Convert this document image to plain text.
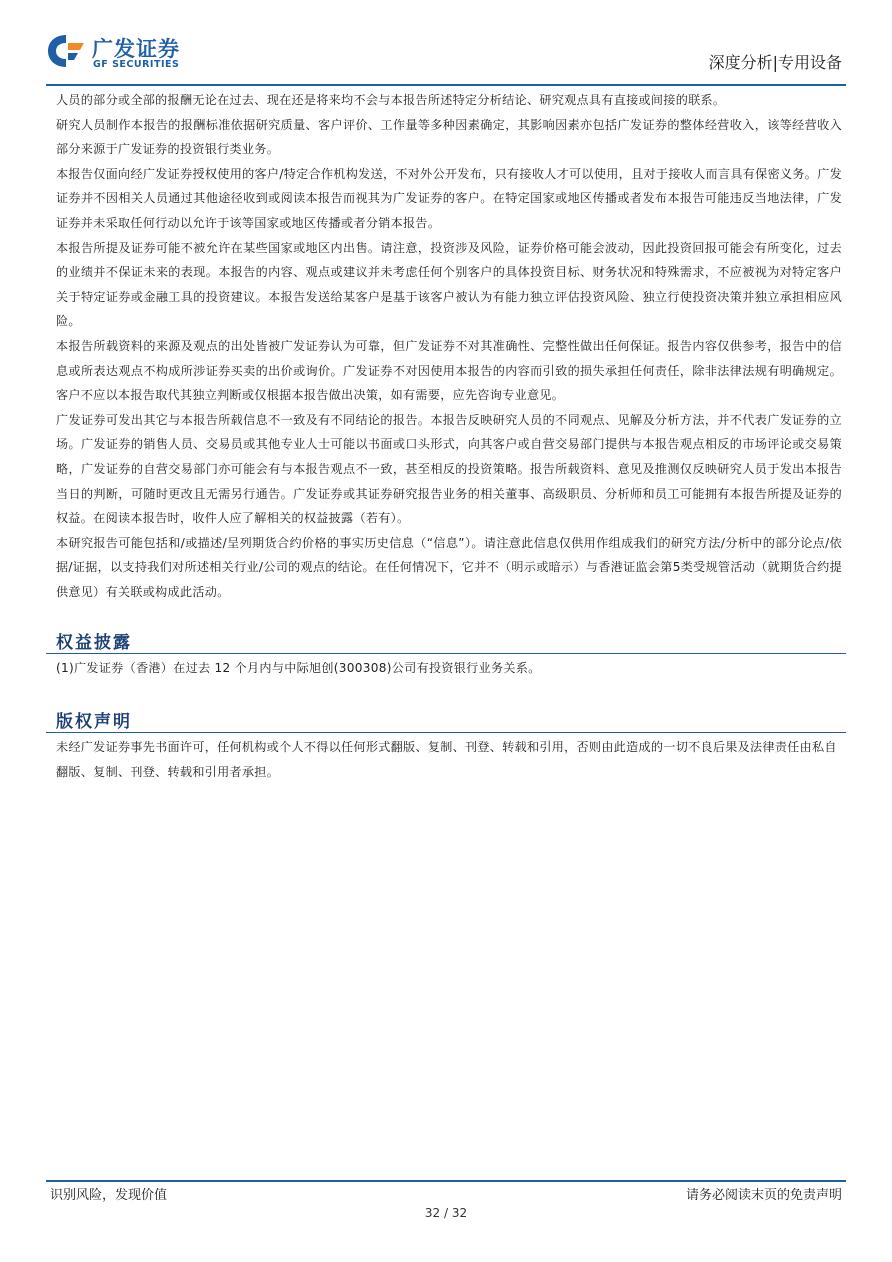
广发证券
GF SECURITIES	深度分析|专用设备

人员的部分或全部的报酬无论在过去、现在还是将来均不会与本报告所述特定分析结论、研究观点具有直接或间接的联系。

研究人员制作本报告的报酬标准依据研究质量、客户评价、工作量等多种因素确定，其影响因素亦包括广发证券的整体经营收入，该等经营收入部分来源于广发证券的投资银行类业务。

本报告仅面向经广发证券授权使用的客户/特定合作机构发送，不对外公开发布，只有接收人才可以使用，且对于接收人而言具有保密义务。广发证券并不因相关人员通过其他途径收到或阅读本报告而视其为广发证券的客户。在特定国家或地区传播或者发布本报告可能违反当地法律，广发证券并未采取任何行动以允许于该等国家或地区传播或者分销本报告。

本报告所提及证券可能不被允许在某些国家或地区内出售。请注意，投资涉及风险，证券价格可能会波动，因此投资回报可能会有所变化，过去的业绩并不保证未来的表现。本报告的内容、观点或建议并未考虑任何个别客户的具体投资目标、财务状况和特殊需求，不应被视为对特定客户关于特定证券或金融工具的投资建议。本报告发送给某客户是基于该客户被认为有能力独立评估投资风险、独立行使投资决策并独立承担相应风险。

本报告所载资料的来源及观点的出处皆被广发证券认为可靠，但广发证券不对其准确性、完整性做出任何保证。报告内容仅供参考，报告中的信息或所表达观点不构成所涉证券买卖的出价或询价。广发证券不对因使用本报告的内容而引致的损失承担任何责任，除非法律法规有明确规定。客户不应以本报告取代其独立判断或仅根据本报告做出决策，如有需要，应先咨询专业意见。

广发证券可发出其它与本报告所载信息不一致及有不同结论的报告。本报告反映研究人员的不同观点、见解及分析方法，并不代表广发证券的立场。广发证券的销售人员、交易员或其他专业人士可能以书面或口头形式，向其客户或自营交易部门提供与本报告观点相反的市场评论或交易策略，广发证券的自营交易部门亦可能会有与本报告观点不一致，甚至相反的投资策略。报告所载资料、意见及推测仅反映研究人员于发出本报告当日的判断，可随时更改且无需另行通告。广发证券或其证券研究报告业务的相关董事、高级职员、分析师和员工可能拥有本报告所提及证券的权益。在阅读本报告时，收件人应了解相关的权益披露（若有）。

本研究报告可能包括和/或描述/呈列期货合约价格的事实历史信息（“信息”）。请注意此信息仅供用作组成我们的研究方法/分析中的部分论点/依据/证据，以支持我们对所述相关行业/公司的观点的结论。在任何情况下，它并不（明示或暗示）与香港证监会第5类受规管活动（就期货合约提供意见）有关联或构成此活动。

权益披露

(1)广发证券（香港）在过去 12 个月内与中际旭创(300308)公司有投资银行业务关系。

版权声明

未经广发证券事先书面许可，任何机构或个人不得以任何形式翻版、复制、刊登、转载和引用，否则由此造成的一切不良后果及法律责任由私自翻版、复制、刊登、转载和引用者承担。

识别风险，发现价值	请务必阅读末页的免责声明
32 / 32
